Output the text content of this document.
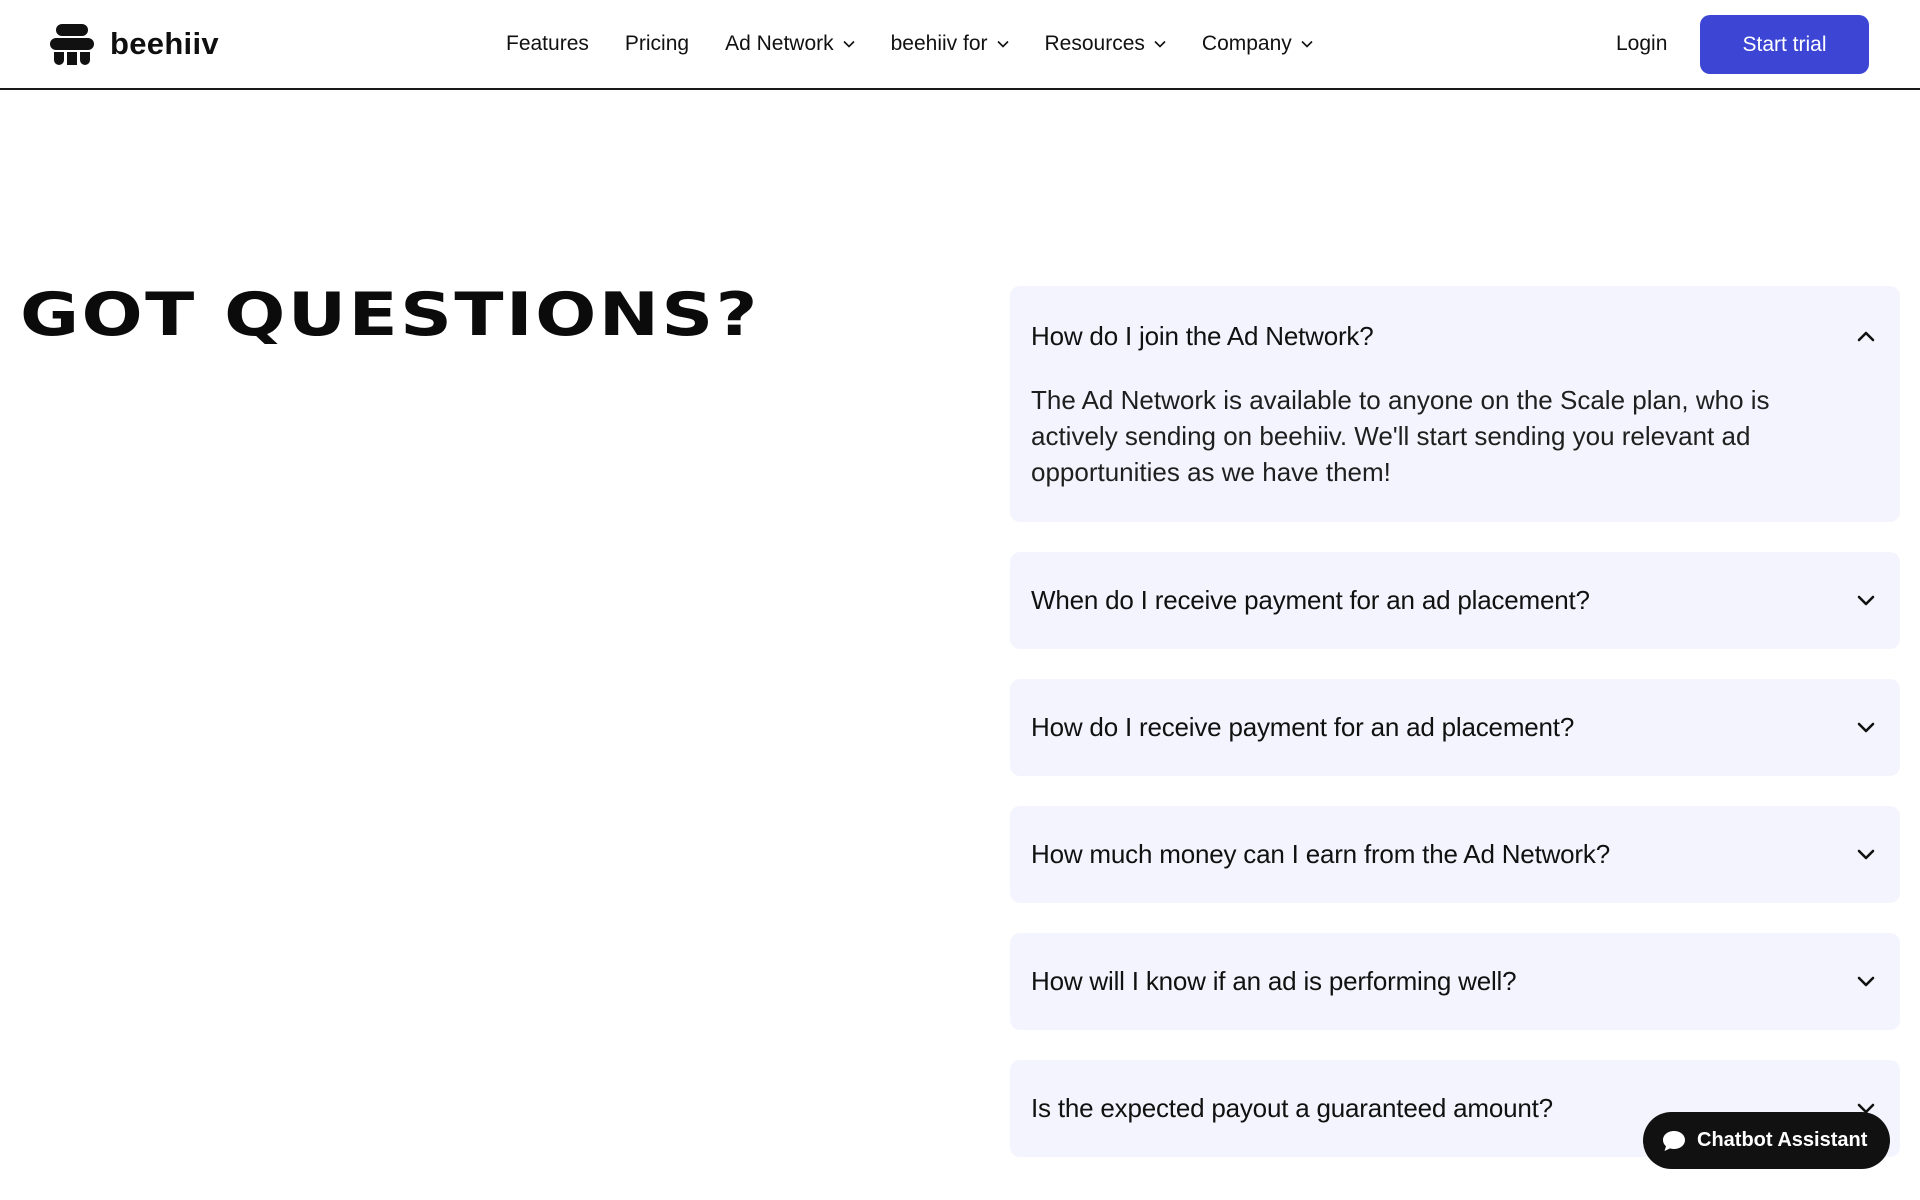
beehiiv	Features Pricing Ad Network	beehiiv for	Resources	Company	Login	Start trial
GOT QUESTIONS?	How do I join the Ad Network?

The Ad Network is available to anyone on the Scale plan, who is actively sending on beehiiv. We'll start sending you relevant ad opportunities as we have them!

When do I receive payment for an ad placement?
How do I receive payment for an ad placement?
How much money can I earn from the Ad Network?
How will I know if an ad is performing well?
Is the expected payout a guaranteed amount?
Chatbot Assistant
